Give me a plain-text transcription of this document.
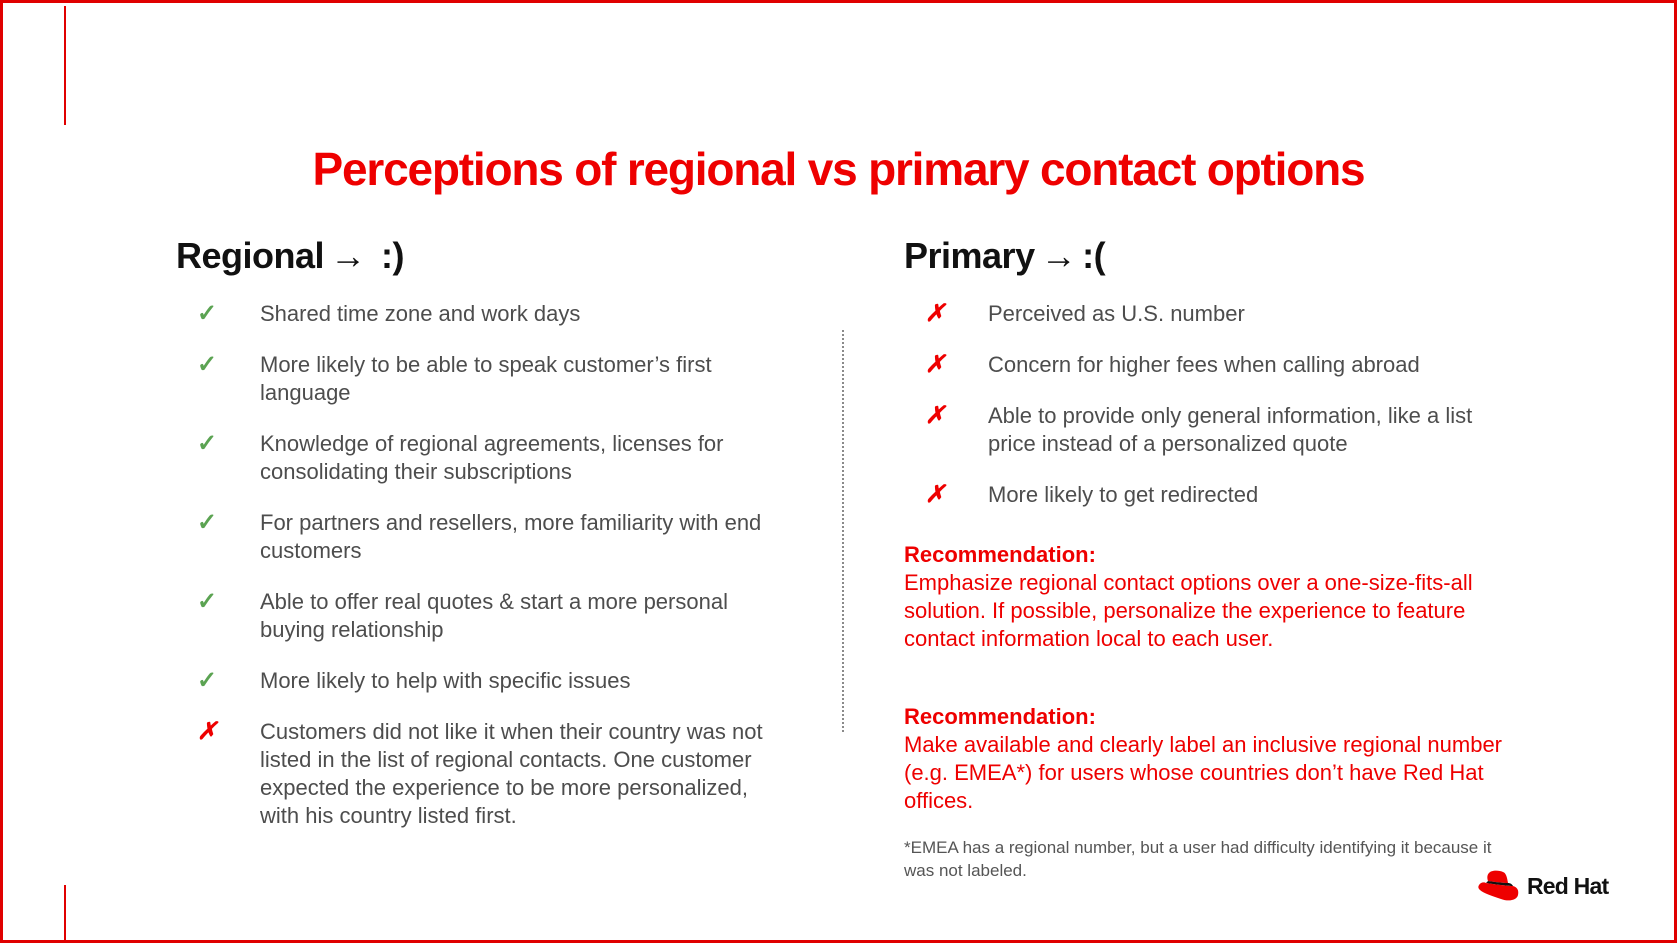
Perceptions of regional vs primary contact options
Regional → :)
✓ Shared time zone and work days
✓ More likely to be able to speak customer’s first language
✓ Knowledge of regional agreements, licenses for consolidating their subscriptions
✓ For partners and resellers, more familiarity with end customers
✓ Able to offer real quotes & start a more personal buying relationship
✓ More likely to help with specific issues
✗ Customers did not like it when their country was not listed in the list of regional contacts. One customer expected the experience to be more personalized, with his country listed first.
Primary → :(
✗ Perceived as U.S. number
✗ Concern for higher fees when calling abroad
✗ Able to provide only general information, like a list price instead of a personalized quote
✗ More likely to get redirected
Recommendation:
Emphasize regional contact options over a one-size-fits-all solution. If possible, personalize the experience to feature contact information local to each user.
Recommendation:
Make available and clearly label an inclusive regional number (e.g. EMEA*) for users whose countries don’t have Red Hat offices.
*EMEA has a regional number, but a user had difficulty identifying it because it was not labeled.
Red Hat
